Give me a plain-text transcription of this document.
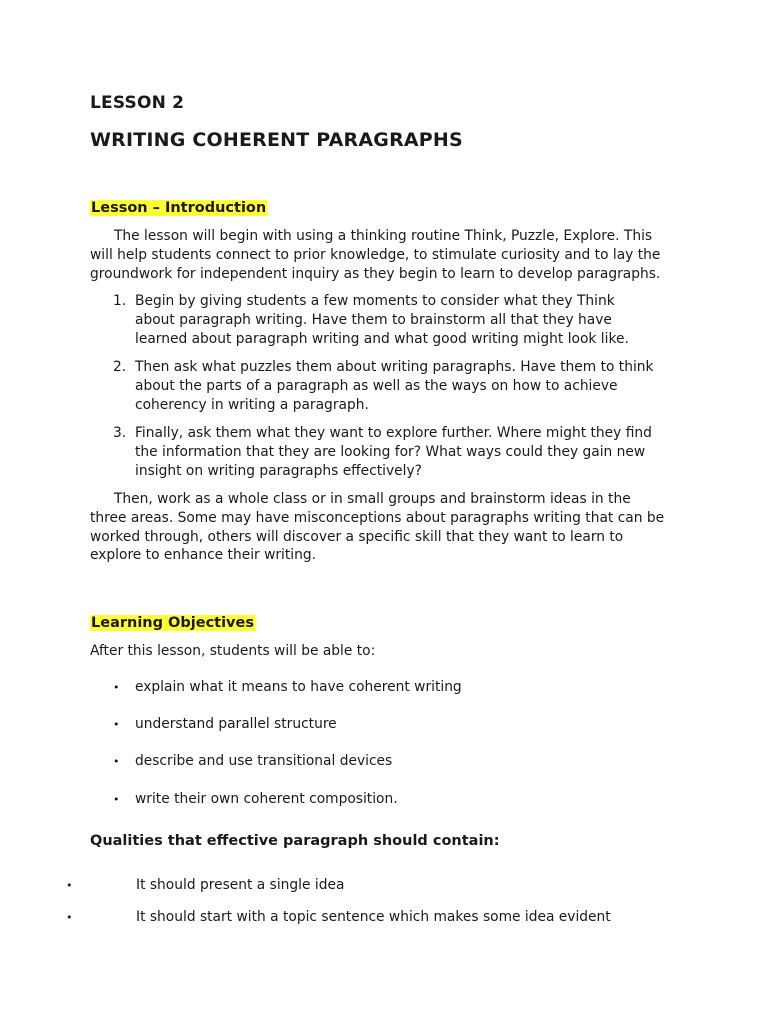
LESSON 2
WRITING COHERENT PARAGRAPHS
Lesson – Introduction
The lesson will begin with using a thinking routine Think, Puzzle, Explore. This will help students connect to prior knowledge, to stimulate curiosity and to lay the groundwork for independent inquiry as they begin to learn to develop paragraphs.
1. Begin by giving students a few moments to consider what they Think about paragraph writing. Have them to brainstorm all that they have learned about paragraph writing and what good writing might look like.
2. Then ask what puzzles them about writing paragraphs. Have them to think about the parts of a paragraph as well as the ways on how to achieve coherency in writing a paragraph.
3. Finally, ask them what they want to explore further. Where might they find the information that they are looking for? What ways could they gain new insight on writing paragraphs effectively?
Then, work as a whole class or in small groups and brainstorm ideas in the three areas. Some may have misconceptions about paragraphs writing that can be worked through, others will discover a specific skill that they want to learn to explore to enhance their writing.
Learning Objectives
After this lesson, students will be able to:
• explain what it means to have coherent writing
• understand parallel structure
• describe and use transitional devices
• write their own coherent composition.
Qualities that effective paragraph should contain:
•	It should present a single idea
•	It should start with a topic sentence which makes some idea evident
